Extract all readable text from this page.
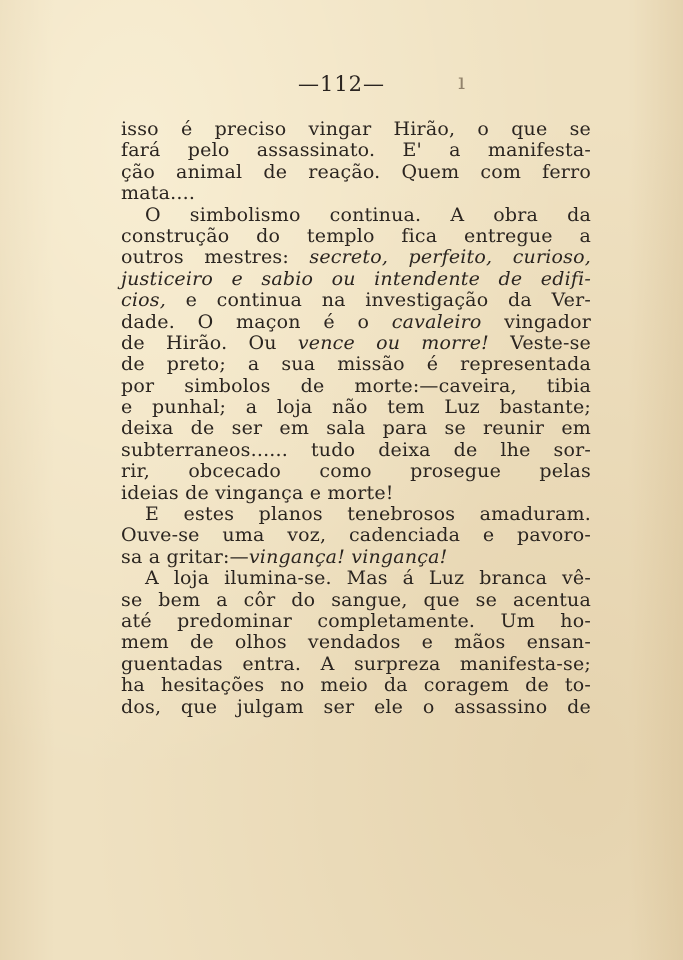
—112—
isso é preciso vingar Hirão, o que se
fará pelo assassinato. E' a manifesta-
ção animal de reação. Quem com ferro
mata....
O simbolismo continua. A obra da
construção do templo fica entregue a
outros mestres: secreto, perfeito, curioso,
justiceiro e sabio ou intendente de edifi-
cios, e continua na investigação da Ver-
dade. O maçon é o cavaleiro vingador
de Hirão. Ou vence ou morre! Veste-se
de preto; a sua missão é representada
por simbolos de morte:—caveira, tibia
e punhal; a loja não tem Luz bastante;
deixa de ser em sala para se reunir em
subterraneos...... tudo deixa de lhe sor-
rir, obcecado como prosegue pelas
ideias de vingança e morte!
E estes planos tenebrosos amaduram.
Ouve-se uma voz, cadenciada e pavoro-
sa a gritar:—vingança! vingança!
A loja ilumina-se. Mas á Luz branca vê-
se bem a côr do sangue, que se acentua
até predominar completamente. Um ho-
mem de olhos vendados e mãos ensan-
guentadas entra. A surpreza manifesta-se;
ha hesitações no meio da coragem de to-
dos, que julgam ser ele o assassino de
ı
